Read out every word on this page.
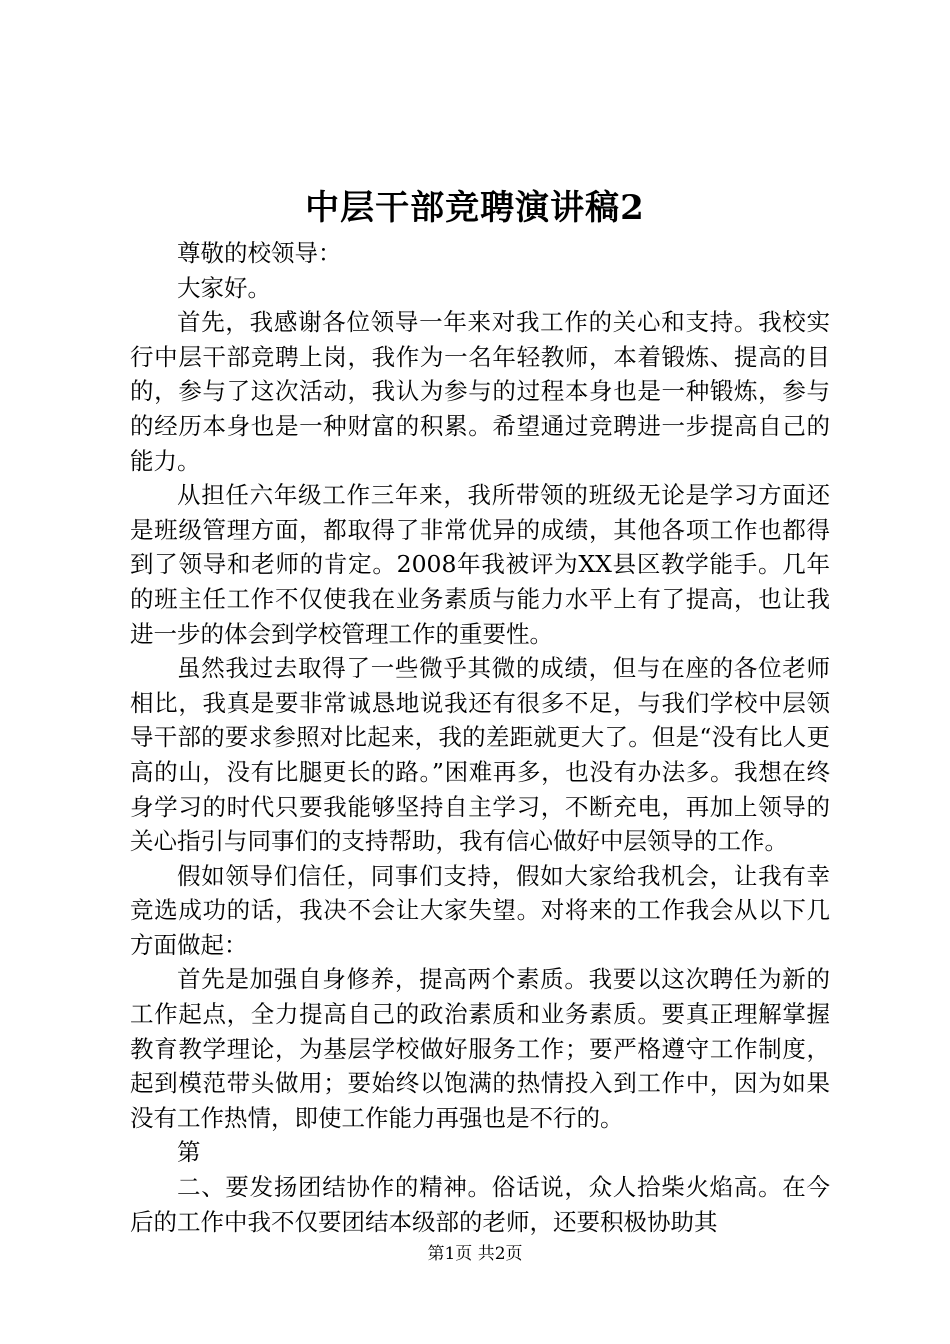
中层干部竞聘演讲稿2

尊敬的校领导：

大家好。

首先，我感谢各位领导一年来对我工作的关心和支持。我校实行中层干部竞聘上岗，我作为一名年轻教师，本着锻炼、提高的目的，参与了这次活动，我认为参与的过程本身也是一种锻炼，参与的经历本身也是一种财富的积累。希望通过竞聘进一步提高自己的能力。

从担任六年级工作三年来，我所带领的班级无论是学习方面还是班级管理方面，都取得了非常优异的成绩，其他各项工作也都得到了领导和老师的肯定。2008年我被评为XX县区教学能手。几年的班主任工作不仅使我在业务素质与能力水平上有了提高，也让我进一步的体会到学校管理工作的重要性。

虽然我过去取得了一些微乎其微的成绩，但与在座的各位老师相比，我真是要非常诚恳地说我还有很多不足，与我们学校中层领导干部的要求参照对比起来，我的差距就更大了。但是“没有比人更高的山，没有比腿更长的路。”困难再多，也没有办法多。我想在终身学习的时代只要我能够坚持自主学习，不断充电，再加上领导的关心指引与同事们的支持帮助，我有信心做好中层领导的工作。

假如领导们信任，同事们支持，假如大家给我机会，让我有幸竞选成功的话，我决不会让大家失望。对将来的工作我会从以下几方面做起：

首先是加强自身修养，提高两个素质。我要以这次聘任为新的工作起点，全力提高自己的政治素质和业务素质。要真正理解掌握教育教学理论，为基层学校做好服务工作；要严格遵守工作制度，起到模范带头做用；要始终以饱满的热情投入到工作中，因为如果没有工作热情，即使工作能力再强也是不行的。

第

二、要发扬团结协作的精神。俗话说，众人拾柴火焰高。在今后的工作中我不仅要团结本级部的老师，还要积极协助其

第1页 共2页
